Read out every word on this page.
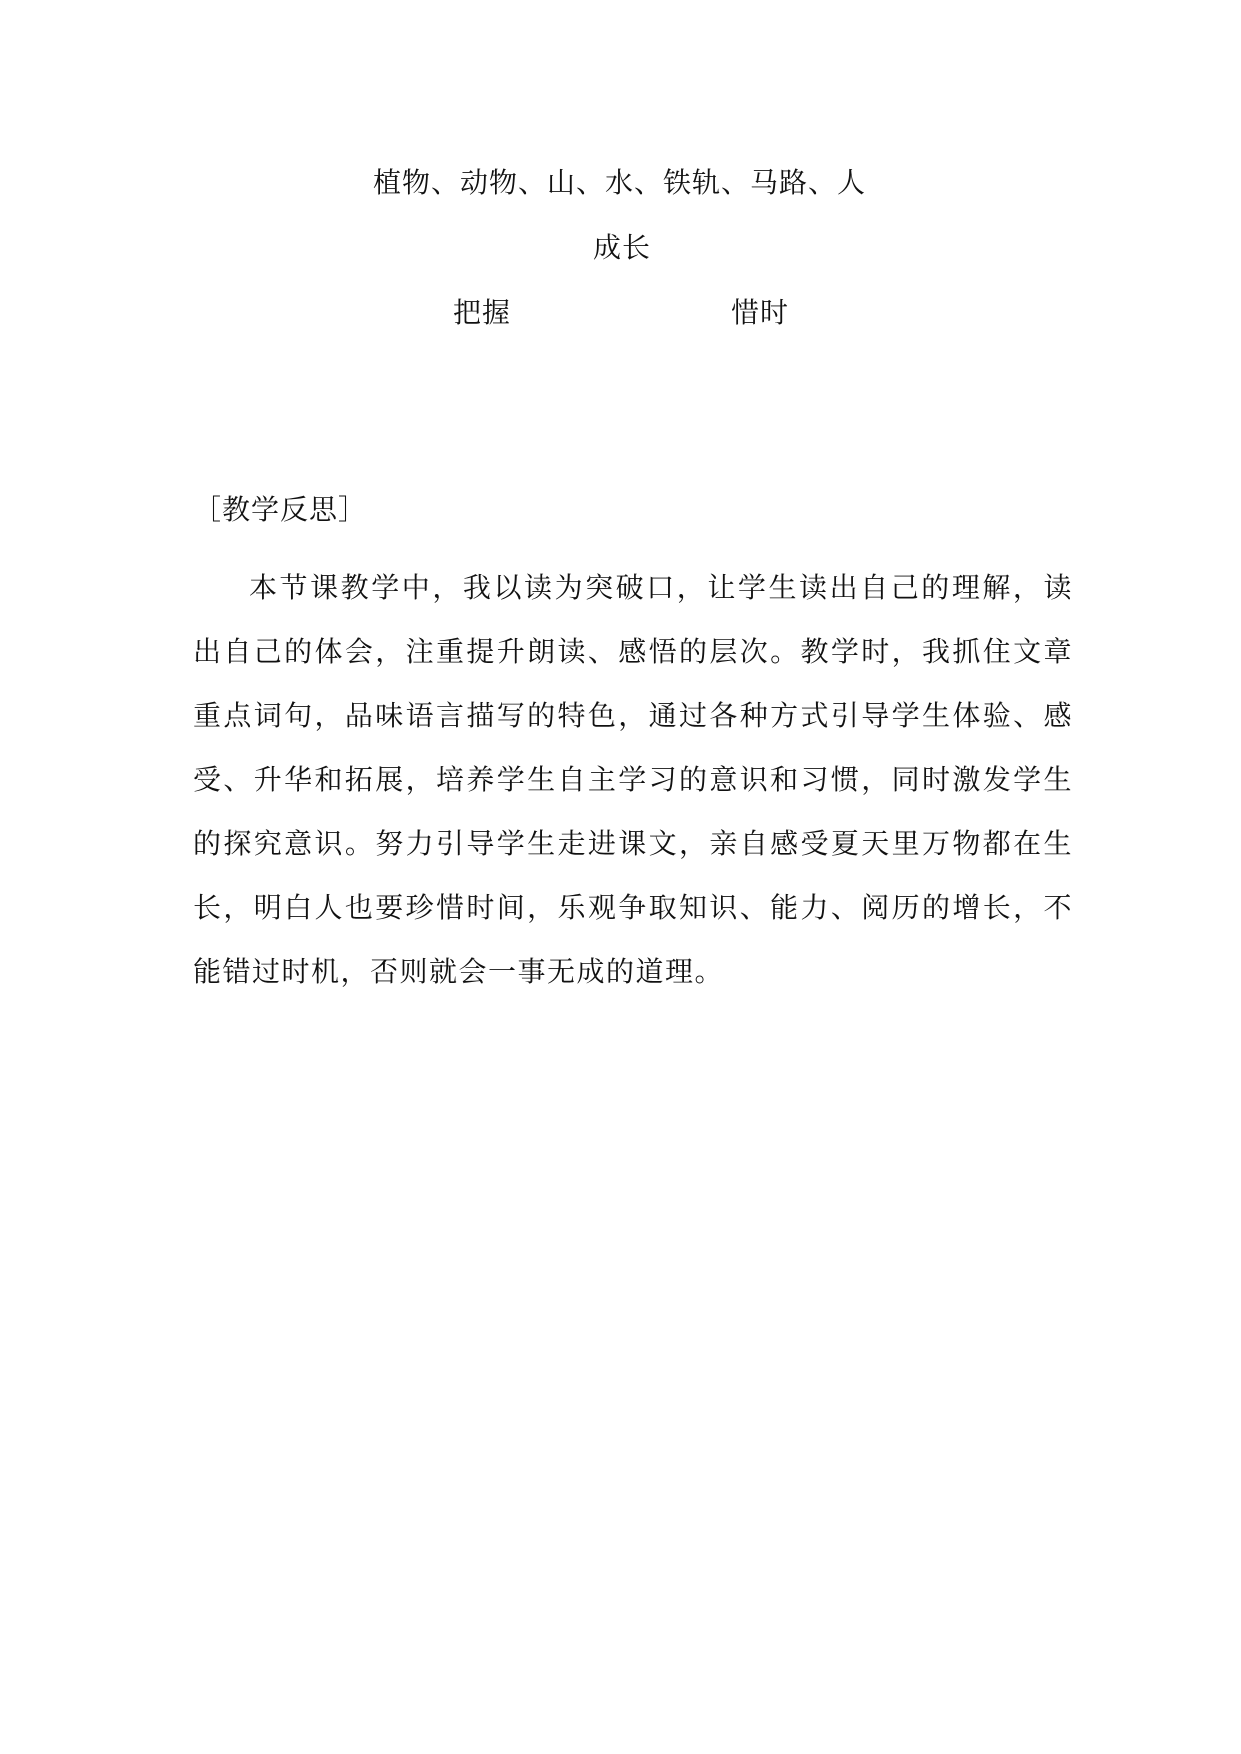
植物、动物、山、水、铁轨、马路、人
成长
把握	惜时
［教学反思］

本节课教学中，我以读为突破口，让学生读出自己的理解，读出自己的体会，注重提升朗读、感悟的层次。教学时，我抓住文章重点词句，品味语言描写的特色，通过各种方式引导学生体验、感受、升华和拓展，培养学生自主学习的意识和习惯，同时激发学生的探究意识。努力引导学生走进课文，亲自感受夏天里万物都在生长，明白人也要珍惜时间，乐观争取知识、能力、阅历的增长，不能错过时机，否则就会一事无成的道理。
